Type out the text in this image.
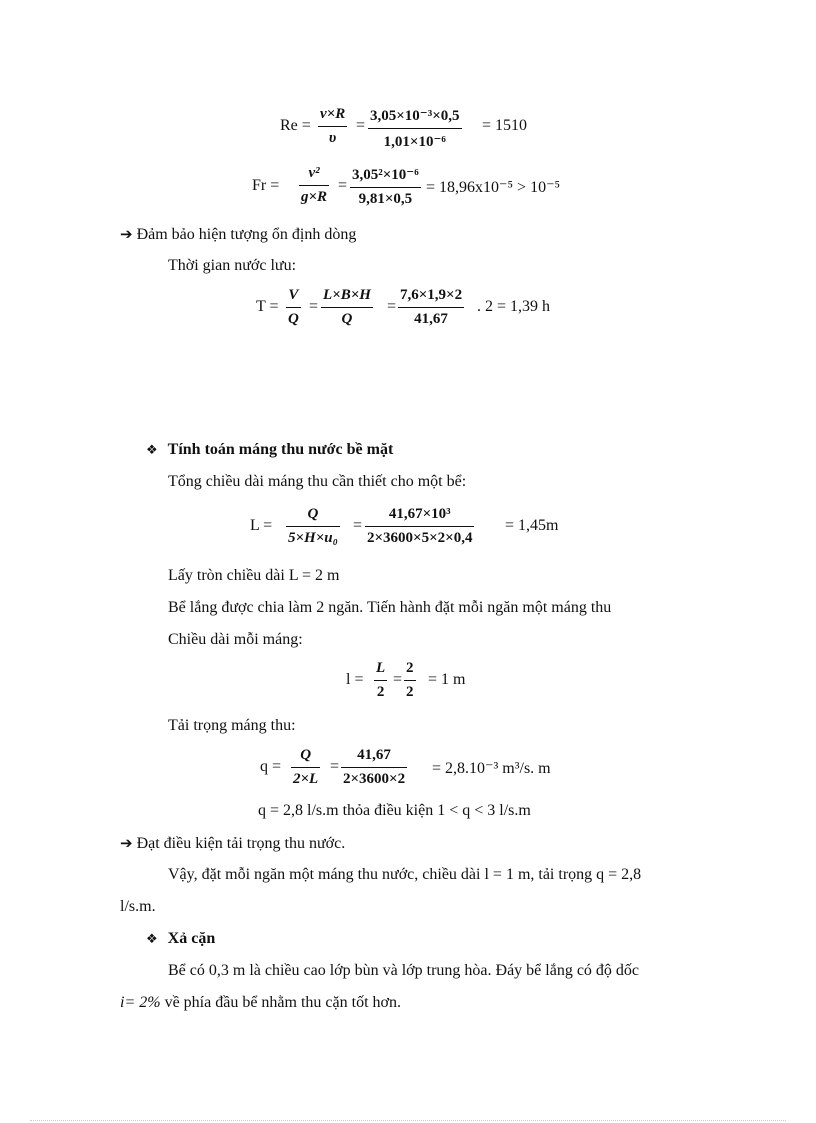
$Re = \frac{v\times R}{\upsilon} = \frac{\text{3,05×10⁻³×0,5}}{\text{1,01×10⁻⁶}} = 1510$
$Fr = \frac{\text{v²}}{g\times R} = \frac{\text{3,05²×10⁻⁶}}{9,81\times 0,5} = 18,96x10^{-5} > 10^{-5}$
➔ Đảm bảo hiện tượng ổn định dòng
Thời gian nước lưu:
$T = \frac{V}{Q} = \frac{L\times B\times H}{Q} = \frac{7,6\times 1,9\times 2}{41,67}$ . 2 = 1,39 h
❖ Tính toán máng thu nước bề mặt
Tổng chiều dài máng thu cần thiết cho một bể:
$L = \frac{Q}{\text{5×H×u₀}} = \frac{\text{41,67×10³}}{2\times 3600\times 5\times 2\times 0,4} = 1,45m$
Lấy tròn chiều dài L = 2 m
Bể lắng được chia làm 2 ngăn. Tiến hành đặt mỗi ngăn một máng thu
Chiều dài mỗi máng:
$l = \frac{L}{2} = \frac{2}{2} = 1$ m
Tải trọng máng thu:
$q = \frac{Q}{2\times L} = \frac{41,67}{2\times 3600\times 2} = 2,8.10^{-3}$ m³/s. m
q = 2,8 l/s.m thỏa điều kiện 1 < q < 3 l/s.m
➔ Đạt điều kiện tải trọng thu nước.
Vậy, đặt mỗi ngăn một máng thu nước, chiều dài l = 1 m, tải trọng q = 2,8
l/s.m.
❖ Xả cặn
Bể có 0,3 m là chiều cao lớp bùn và lớp trung hòa. Đáy bể lắng có độ dốc
i= 2% về phía đầu bể nhằm thu cặn tốt hơn.
